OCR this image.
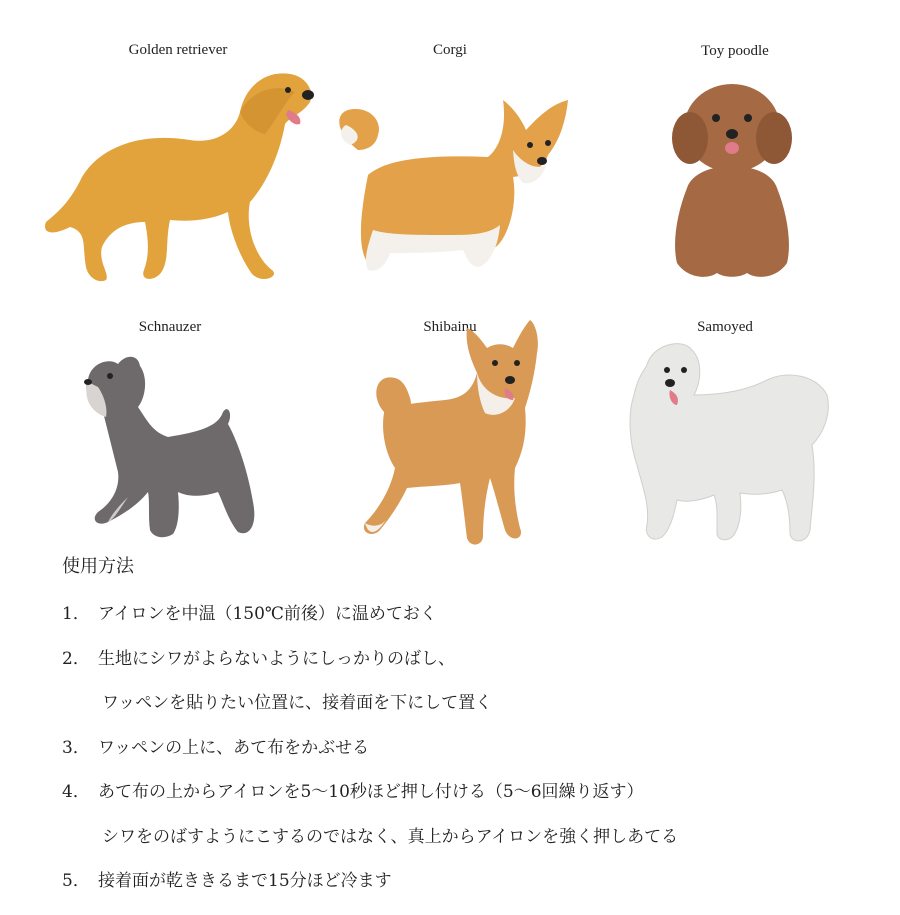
Golden retriever	Corgi	Toy poodle
Schnauzer	Shibainu	Samoyed
使用方法
1． アイロンを中温（150℃前後）に温めておく
2． 生地にシワがよらないようにしっかりのばし、
ワッペンを貼りたい位置に、接着面を下にして置く
3． ワッペンの上に、あて布をかぶせる
4． あて布の上からアイロンを5〜10秒ほど押し付ける（5〜6回繰り返す）
シワをのばすようにこするのではなく、真上からアイロンを強く押しあてる
5． 接着面が乾ききるまで15分ほど冷ます
